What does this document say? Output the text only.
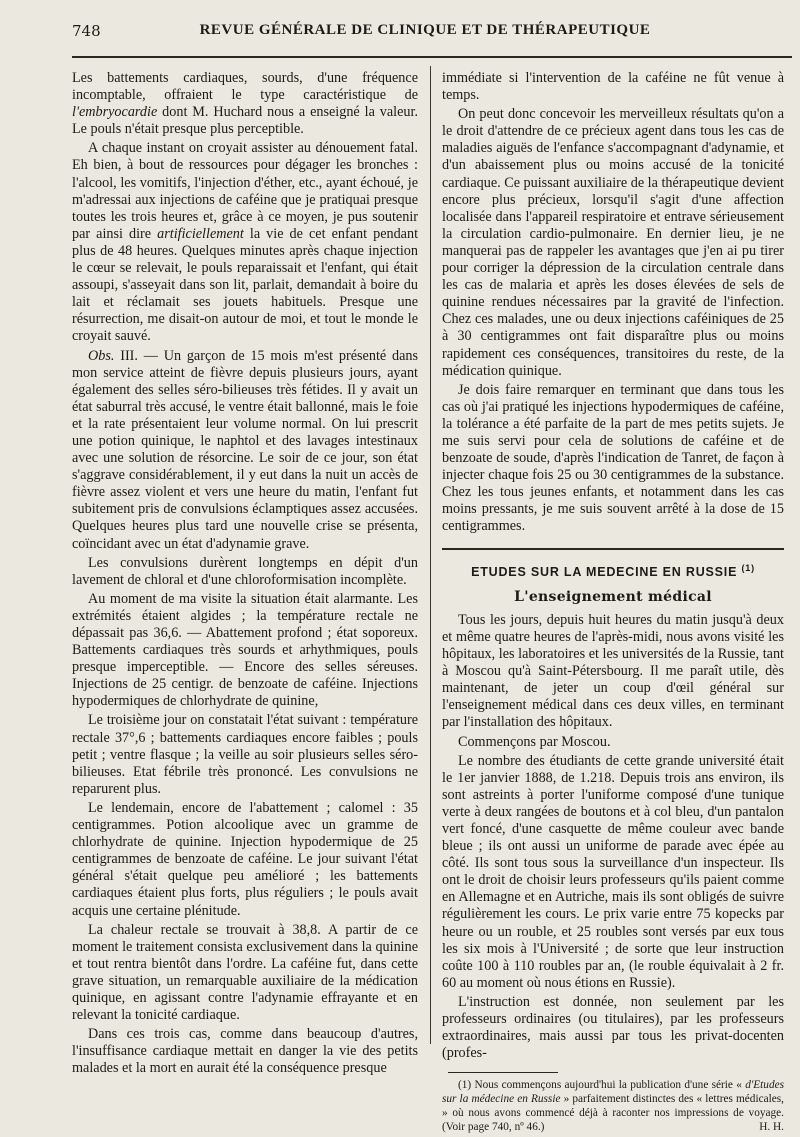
748	REVUE GÉNÉRALE DE CLINIQUE ET DE THÉRAPEUTIQUE

Les battements cardiaques, sourds, d'une fréquence incomptable, offraient le type caractéristique de l'embryocardie dont M. Huchard nous a enseigné la valeur. Le pouls n'était presque plus perceptible.

A chaque instant on croyait assister au dénouement fatal. Eh bien, à bout de ressources pour dégager les bronches : l'alcool, les vomitifs, l'injection d'éther, etc., ayant échoué, je m'adressai aux injections de caféine que je pratiquai presque toutes les trois heures et, grâce à ce moyen, je pus soutenir par ainsi dire artificiellement la vie de cet enfant pendant plus de 48 heures. Quelques minutes après chaque injection le cœur se relevait, le pouls reparaissait et l'enfant, qui était assoupi, s'asseyait dans son lit, parlait, demandait à boire du lait et réclamait ses jouets habituels. Presque une résurrection, me disait-on autour de moi, et tout le monde le croyait sauvé.

Obs. III. — Un garçon de 15 mois m'est présenté dans mon service atteint de fièvre depuis plusieurs jours, ayant également des selles séro-bilieuses très fétides. Il y avait un état saburral très accusé, le ventre était ballonné, mais le foie et la rate présentaient leur volume normal. On lui prescrit une potion quinique, le naphtol et des lavages intestinaux avec une solution de résorcine. Le soir de ce jour, son état s'aggrave considérablement, il y eut dans la nuit un accès de fièvre assez violent et vers une heure du matin, l'enfant fut subitement pris de convulsions éclamptiques assez accusées. Quelques heures plus tard une nouvelle crise se présenta, coïncidant avec un état d'adynamie grave.

Les convulsions durèrent longtemps en dépit d'un lavement de chloral et d'une chloroformisation incomplète.

Au moment de ma visite la situation était alarmante. Les extrémités étaient algides ; la température rectale ne dépassait pas 36,6. — Abattement profond ; état soporeux. Battements cardiaques très sourds et arhythmiques, pouls presque imperceptible. — Encore des selles séreuses. Injections de 25 centigr. de benzoate de caféine. Injections hypodermiques de chlorhydrate de quinine,

Le troisième jour on constatait l'état suivant : température rectale 37°,6 ; battements cardiaques encore faibles ; pouls petit ; ventre flasque ; la veille au soir plusieurs selles séro-bilieuses. Etat fébrile très prononcé. Les convulsions ne reparurent plus.

Le lendemain, encore de l'abattement ; calomel : 35 centigrammes. Potion alcoolique avec un gramme de chlorhydrate de quinine. Injection hypodermique de 25 centigrammes de benzoate de caféine. Le jour suivant l'état général s'était quelque peu amélioré ; les battements cardiaques étaient plus forts, plus réguliers ; le pouls avait acquis une certaine plénitude.

La chaleur rectale se trouvait à 38,8. A partir de ce moment le traitement consista exclusivement dans la quinine et tout rentra bientôt dans l'ordre. La caféine fut, dans cette grave situation, un remarquable auxiliaire de la médication quinique, en agissant contre l'adynamie effrayante et en relevant la tonicité cardiaque.

Dans ces trois cas, comme dans beaucoup d'autres, l'insuffisance cardiaque mettait en danger la vie des petits malades et la mort en aurait été la conséquence presque

immédiate si l'intervention de la caféine ne fût venue à temps.

On peut donc concevoir les merveilleux résultats qu'on a le droit d'attendre de ce précieux agent dans tous les cas de maladies aiguës de l'enfance s'accompagnant d'adynamie, et d'un abaissement plus ou moins accusé de la tonicité cardiaque. Ce puissant auxiliaire de la thérapeutique devient encore plus précieux, lorsqu'il s'agit d'une affection localisée dans l'appareil respiratoire et entrave sérieusement la circulation cardio-pulmonaire. En dernier lieu, je ne manquerai pas de rappeler les avantages que j'en ai pu tirer pour corriger la dépression de la circulation centrale dans les cas de malaria et après les doses élevées de sels de quinine rendues nécessaires par la gravité de l'infection. Chez ces malades, une ou deux injections caféiniques de 25 à 30 centigrammes ont fait disparaître plus ou moins rapidement ces conséquences, transitoires du reste, de la médication quinique.

Je dois faire remarquer en terminant que dans tous les cas où j'ai pratiqué les injections hypodermiques de caféine, la tolérance a été parfaite de la part de mes petits sujets. Je me suis servi pour cela de solutions de caféine et de benzoate de soude, d'après l'indication de Tanret, de façon à injecter chaque fois 25 ou 30 centigrammes de la substance. Chez les tous jeunes enfants, et notamment dans les cas moins pressants, je me suis souvent arrêté à la dose de 15 centigrammes.

ETUDES SUR LA MEDECINE EN RUSSIE $^{(1)}$
L'enseignement médical

Tous les jours, depuis huit heures du matin jusqu'à deux et même quatre heures de l'après-midi, nous avons visité les hôpitaux, les laboratoires et les universités de la Russie, tant à Moscou qu'à Saint-Pétersbourg. Il me paraît utile, dès maintenant, de jeter un coup d'œil général sur l'enseignement médical dans ces deux villes, en terminant par l'installation des hôpitaux.

Commençons par Moscou.

Le nombre des étudiants de cette grande université était le 1er janvier 1888, de 1.218. Depuis trois ans environ, ils sont astreints à porter l'uniforme composé d'une tunique verte à deux rangées de boutons et à col bleu, d'un pantalon vert foncé, d'une casquette de même couleur avec bande bleue ; ils ont aussi un uniforme de parade avec épée au côté. Ils sont tous sous la surveillance d'un inspecteur. Ils ont le droit de choisir leurs professeurs qu'ils paient comme en Allemagne et en Autriche, mais ils sont obligés de suivre régulièrement les cours. Le prix varie entre 75 kopecks par heure ou un rouble, et 25 roubles sont versés par eux tous les six mois à l'Université ; de sorte que leur instruction coûte 100 à 110 roubles par an, (le rouble équivalait à 2 fr. 60 au moment où nous étions en Russie).

L'instruction est donnée, non seulement par les professeurs ordinaires (ou titulaires), par les professeurs extraordinaires, mais aussi par tous les privat-docenten (profes-

(1) Nous commençons aujourd'hui la publication d'une série « d'Etudes sur la médecine en Russie » parfaitement distinctes des « lettres médicales, » où nous avons commencé déjà à raconter nos impressions de voyage. (Voir page 740, nº 46.)	H. H.
